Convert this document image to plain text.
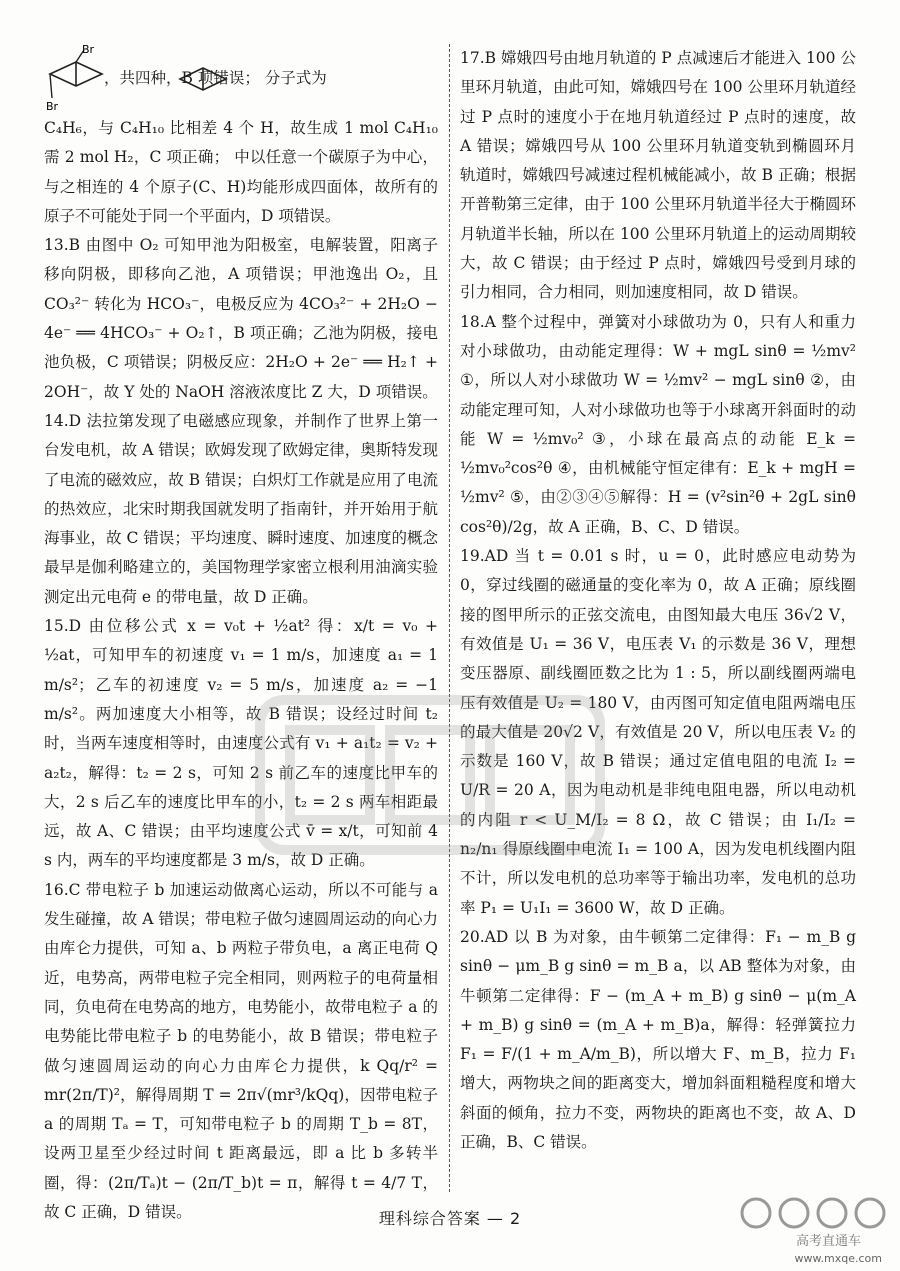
Br
Br
，共四种，B 项错误； 分子式为

C₄H₆，与 C₄H₁₀ 比相差 4 个 H，故生成 1 mol C₄H₁₀ 需 2 mol H₂，C 项正确； 中以任意一个碳原子为中心，与之相连的 4 个原子(C、H)均能形成四面体，故所有的原子不可能处于同一个平面内，D 项错误。

13.B 由图中 O₂ 可知甲池为阳极室，电解装置，阳离子移向阴极，即移向乙池，A 项错误；甲池逸出 O₂，且 CO₃²⁻ 转化为 HCO₃⁻，电极反应为 4CO₃²⁻ + 2H₂O − 4e⁻ ══ 4HCO₃⁻ + O₂↑，B 项正确；乙池为阴极，接电池负极，C 项错误；阴极反应：2H₂O + 2e⁻ ══ H₂↑ + 2OH⁻，故 Y 处的 NaOH 溶液浓度比 Z 大，D 项错误。

14.D 法拉第发现了电磁感应现象，并制作了世界上第一台发电机，故 A 错误；欧姆发现了欧姆定律，奥斯特发现了电流的磁效应，故 B 错误；白炽灯工作就是应用了电流的热效应，北宋时期我国就发明了指南针，并开始用于航海事业，故 C 错误；平均速度、瞬时速度、加速度的概念最早是伽利略建立的，美国物理学家密立根利用油滴实验测定出元电荷 e 的带电量，故 D 正确。

15.D 由位移公式 x = v₀t + ½at² 得：x/t = v₀ + ½at，可知甲车的初速度 v₁ = 1 m/s，加速度 a₁ = 1 m/s²；乙车的初速度 v₂ = 5 m/s，加速度 a₂ = −1 m/s²。两加速度大小相等，故 B 错误；设经过时间 t₂ 时，当两车速度相等时，由速度公式有 v₁ + a₁t₂ = v₂ + a₂t₂，解得：t₂ = 2 s，可知 2 s 前乙车的速度比甲车的大，2 s 后乙车的速度比甲车的小，t₂ = 2 s 两车相距最远，故 A、C 错误；由平均速度公式 v̄ = x/t，可知前 4 s 内，两车的平均速度都是 3 m/s，故 D 正确。

16.C 带电粒子 b 加速运动做离心运动，所以不可能与 a 发生碰撞，故 A 错误；带电粒子做匀速圆周运动的向心力由库仑力提供，可知 a、b 两粒子带负电，a 离正电荷 Q 近，电势高，两带电粒子完全相同，则两粒子的电荷量相同，负电荷在电势高的地方，电势能小，故带电粒子 a 的电势能比带电粒子 b 的电势能小，故 B 错误；带电粒子做匀速圆周运动的向心力由库仑力提供，k Qq/r² = mr(2π/T)²，解得周期 T = 2π√(mr³/kQq)，因带电粒子 a 的周期 Tₐ = T，可知带电粒子 b 的周期 T_b = 8T，设两卫星至少经过时间 t 距离最远，即 a 比 b 多转半圈，得：(2π/Tₐ)t − (2π/T_b)t = π，解得 t = 4/7 T，故 C 正确，D 错误。

17.B 嫦娥四号由地月轨道的 P 点减速后才能进入 100 公里环月轨道，由此可知，嫦娥四号在 100 公里环月轨道经过 P 点时的速度小于在地月轨道经过 P 点时的速度，故 A 错误；嫦娥四号从 100 公里环月轨道变轨到椭圆环月轨道时，嫦娥四号减速过程机械能减小，故 B 正确；根据开普勒第三定律，由于 100 公里环月轨道半径大于椭圆环月轨道半长轴，所以在 100 公里环月轨道上的运动周期较大，故 C 错误；由于经过 P 点时，嫦娥四号受到月球的引力相同，合力相同，则加速度相同，故 D 错误。

18.A 整个过程中，弹簧对小球做功为 0，只有人和重力对小球做功，由动能定理得：W + mgL sinθ = ½mv² ①，所以人对小球做功 W = ½mv² − mgL sinθ ②，由动能定理可知，人对小球做功也等于小球离开斜面时的动能 W = ½mv₀² ③，小球在最高点的动能 E_k = ½mv₀²cos²θ ④，由机械能守恒定律有：E_k + mgH = ½mv² ⑤，由②③④⑤解得：H = (v²sin²θ + 2gL sinθ cos²θ)/2g，故 A 正确，B、C、D 错误。

19.AD 当 t = 0.01 s 时，u = 0，此时感应电动势为 0，穿过线圈的磁通量的变化率为 0，故 A 正确；原线圈接的图甲所示的正弦交流电，由图知最大电压 36√2 V，有效值是 U₁ = 36 V，电压表 V₁ 的示数是 36 V，理想变压器原、副线圈匝数之比为 1 : 5，所以副线圈两端电压有效值是 U₂ = 180 V，由丙图可知定值电阻两端电压的最大值是 20√2 V，有效值是 20 V，所以电压表 V₂ 的示数是 160 V，故 B 错误；通过定值电阻的电流 I₂ = U/R = 20 A，因为电动机是非纯电阻电器，所以电动机的内阻 r < U_M/I₂ = 8 Ω，故 C 错误；由 I₁/I₂ = n₂/n₁ 得原线圈中电流 I₁ = 100 A，因为发电机线圈内阻不计，所以发电机的总功率等于输出功率，发电机的总功率 P₁ = U₁I₁ = 3600 W，故 D 正确。

20.AD 以 B 为对象，由牛顿第二定律得：F₁ − m_B g sinθ − μm_B g sinθ = m_B a，以 AB 整体为对象，由牛顿第二定律得：F − (m_A + m_B) g sinθ − μ(m_A + m_B) g sinθ = (m_A + m_B)a，解得：轻弹簧拉力 F₁ = F/(1 + m_A/m_B)，所以增大 F、m_B，拉力 F₁ 增大，两物块之间的距离变大，增加斜面粗糙程度和增大斜面的倾角，拉力不变，两物块的距离也不变，故 A、D 正确，B、C 错误。

理科综合答案 — 2
高考直通车
www.mxqe.com
